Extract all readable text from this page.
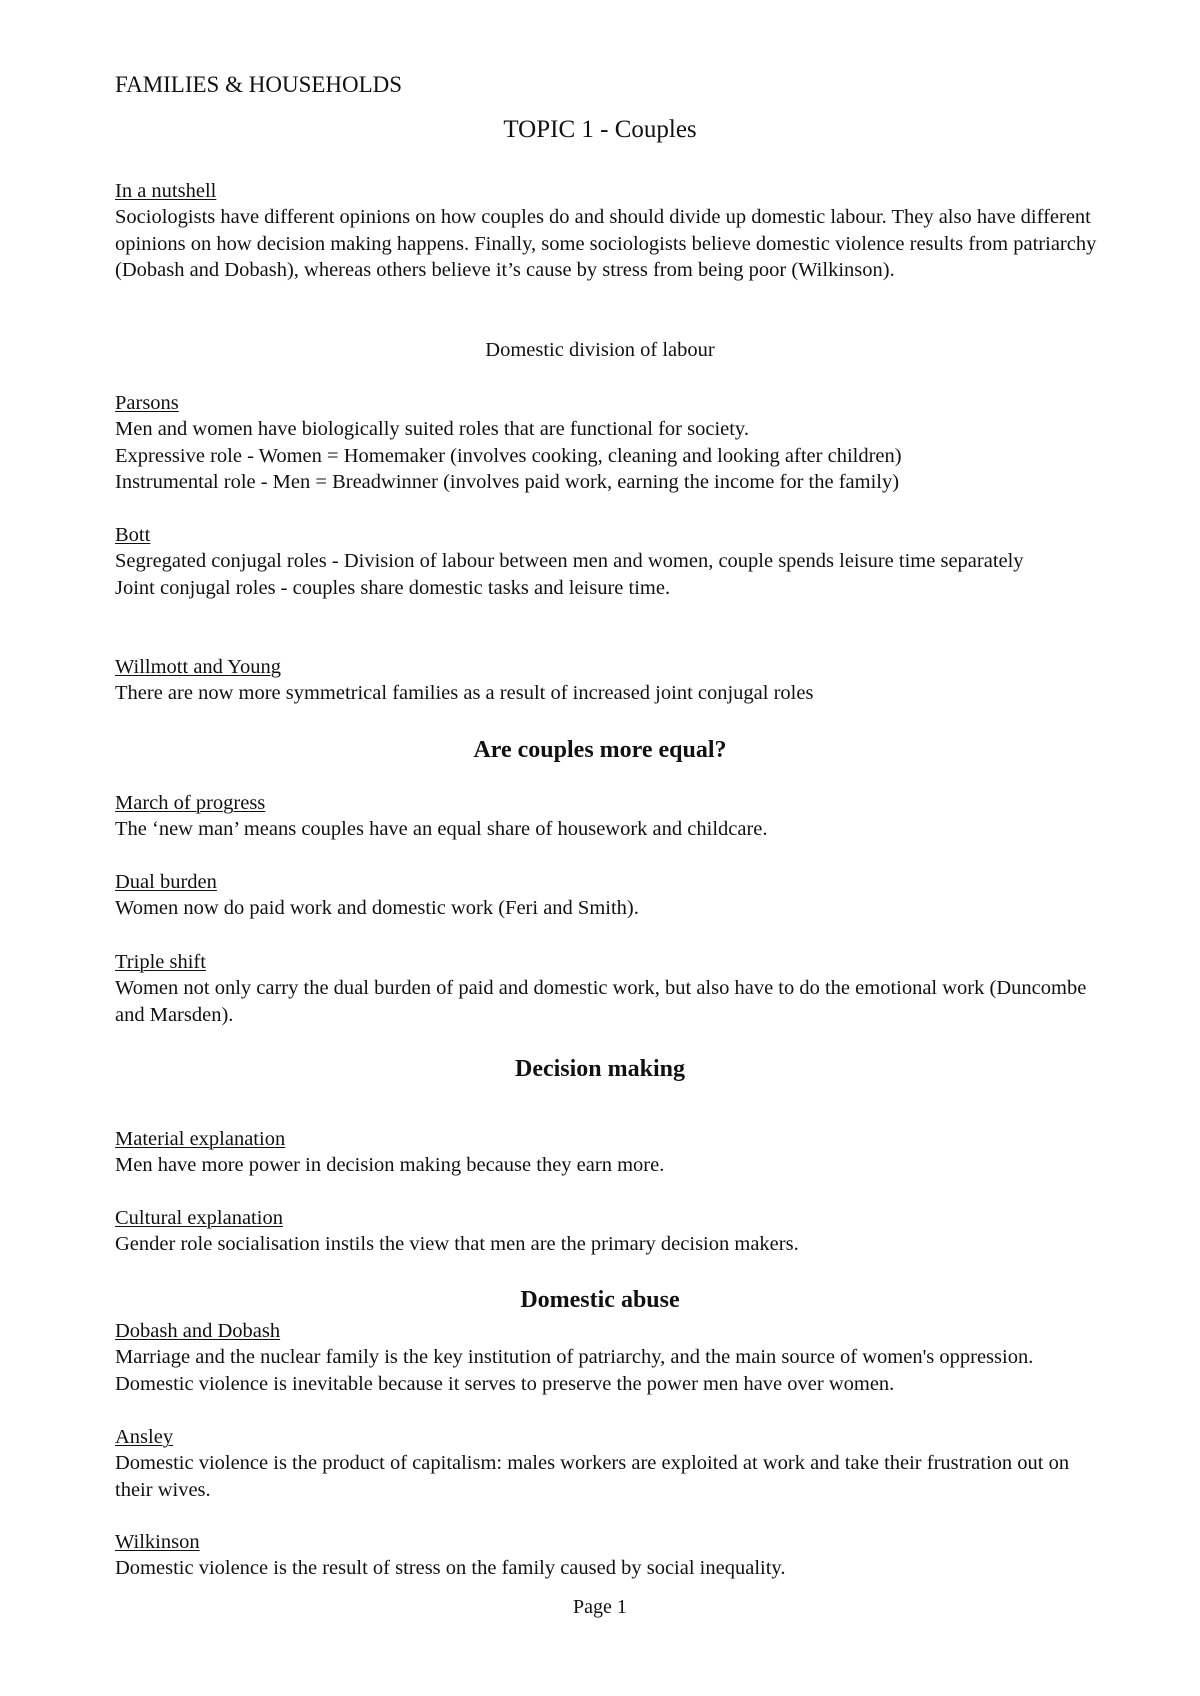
FAMILIES & HOUSEHOLDS
TOPIC 1 - Couples

In a nutshell

Sociologists have different opinions on how couples do and should divide up domestic labour. They also have different opinions on how decision making happens. Finally, some sociologists believe domestic violence results from patriarchy (Dobash and Dobash), whereas others believe it’s cause by stress from being poor (Wilkinson).

Domestic division of labour

Parsons

Men and women have biologically suited roles that are functional for society.

Expressive role - Women = Homemaker (involves cooking, cleaning and looking after children)

Instrumental role - Men = Breadwinner (involves paid work, earning the income for the family)

Bott

Segregated conjugal roles - Division of labour between men and women, couple spends leisure time separately

Joint conjugal roles - couples share domestic tasks and leisure time.

Willmott and Young

There are now more symmetrical families as a result of increased joint conjugal roles

Are couples more equal?

March of progress

The ‘new man’ means couples have an equal share of housework and childcare.

Dual burden

Women now do paid work and domestic work (Feri and Smith).

Triple shift

Women not only carry the dual burden of paid and domestic work, but also have to do the emotional work (Duncombe and Marsden).

Decision making

Material explanation

Men have more power in decision making because they earn more.

Cultural explanation

Gender role socialisation instils the view that men are the primary decision makers.

Domestic abuse

Dobash and Dobash

Marriage and the nuclear family is the key institution of patriarchy, and the main source of women's oppression. Domestic violence is inevitable because it serves to preserve the power men have over women.

Ansley

Domestic violence is the product of capitalism: males workers are exploited at work and take their frustration out on their wives.

Wilkinson

Domestic violence is the result of stress on the family caused by social inequality.

Page 1
